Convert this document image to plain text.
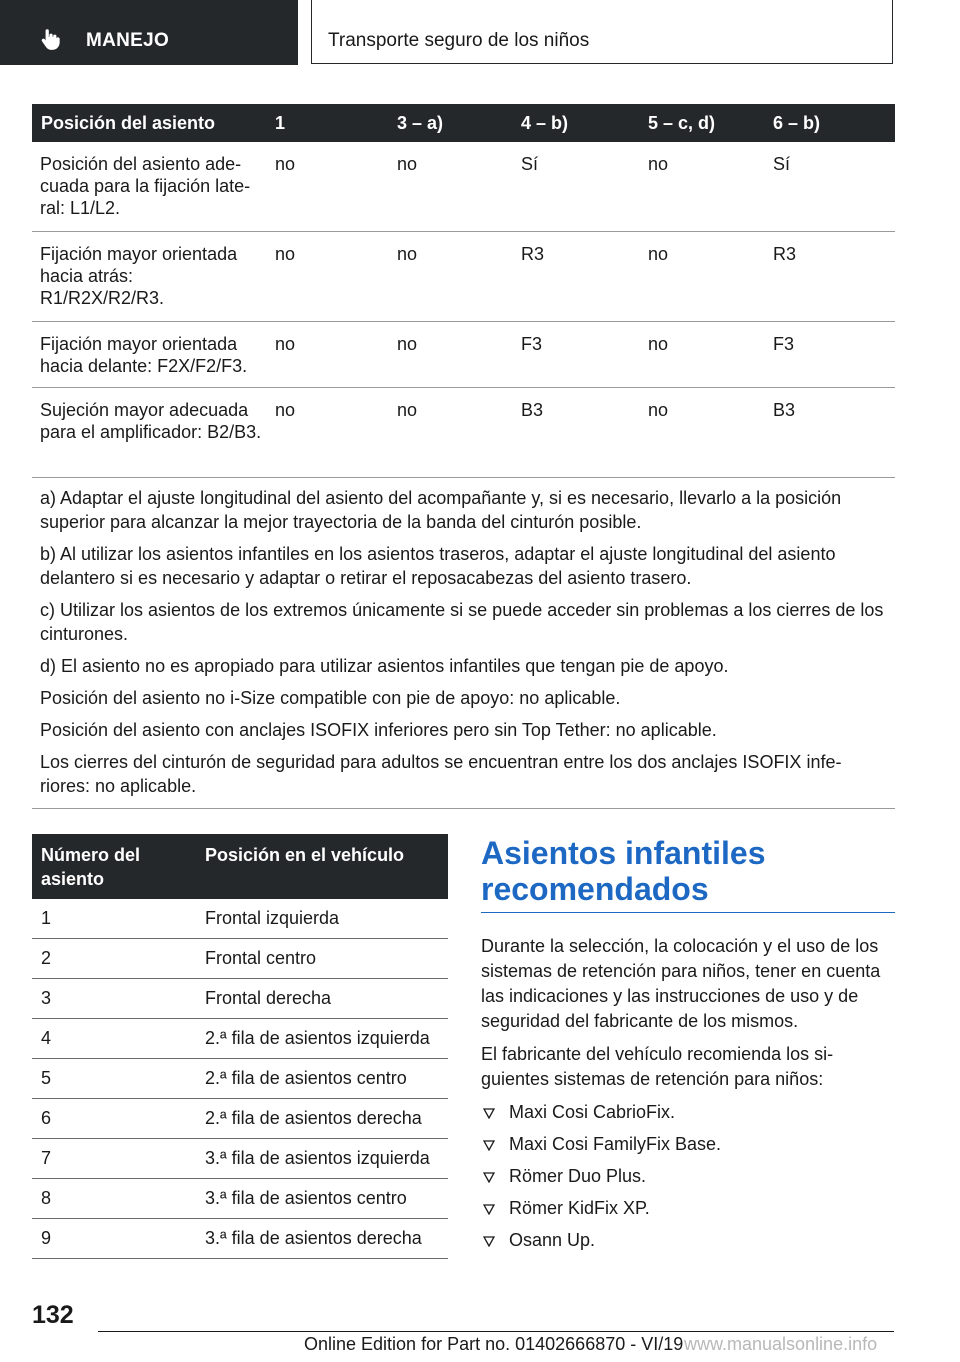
MANEJO	Transporte seguro de los niños
Posición del asiento	1	3 – a)	4 – b)	5 – c, d)	6 – b)
Posición del asiento ade-cuada para la fijación late-ral: L1/L2.	no	no	Sí	no	Sí
Fijación mayor orientada hacia atrás: R1/R2X/R2/R3.	no	no	R3	no	R3
Fijación mayor orientada hacia delante: F2X/F2/F3.	no	no	F3	no	F3
Sujeción mayor adecuada para el amplificador: B2/B3.	no	no	B3	no	B3

a) Adaptar el ajuste longitudinal del asiento del acompañante y, si es necesario, llevarlo a la posición superior para alcanzar la mejor trayectoria de la banda del cinturón posible.

b) Al utilizar los asientos infantiles en los asientos traseros, adaptar el ajuste longitudinal del asiento delantero si es necesario y adaptar o retirar el reposacabezas del asiento trasero.

c) Utilizar los asientos de los extremos únicamente si se puede acceder sin problemas a los cierres de los cinturones.

d) El asiento no es apropiado para utilizar asientos infantiles que tengan pie de apoyo.

Posición del asiento no i-Size compatible con pie de apoyo: no aplicable.

Posición del asiento con anclajes ISOFIX inferiores pero sin Top Tether: no aplicable.

Los cierres del cinturón de seguridad para adultos se encuentran entre los dos anclajes ISOFIX infe-riores: no aplicable.

Número del asiento	Posición en el vehículo
1	Frontal izquierda
2	Frontal centro
3	Frontal derecha
4	2.ª fila de asientos izquierda
5	2.ª fila de asientos centro
6	2.ª fila de asientos derecha
7	3.ª fila de asientos izquierda
8	3.ª fila de asientos centro
9	3.ª fila de asientos derecha
Asientos infantiles recomendados

Durante la selección, la colocación y el uso de los sistemas de retención para niños, tener en cuenta las indicaciones y las instrucciones de uso y de seguridad del fabricante de los mismos.

El fabricante del vehículo recomienda los si-guientes sistemas de retención para niños:

Maxi Cosi CabrioFix.
Maxi Cosi FamilyFix Base.
Römer Duo Plus.
Römer KidFix XP.
Osann Up.
132
Online Edition for Part no. 01402666870 - VI/19 www.manualsonline.info
